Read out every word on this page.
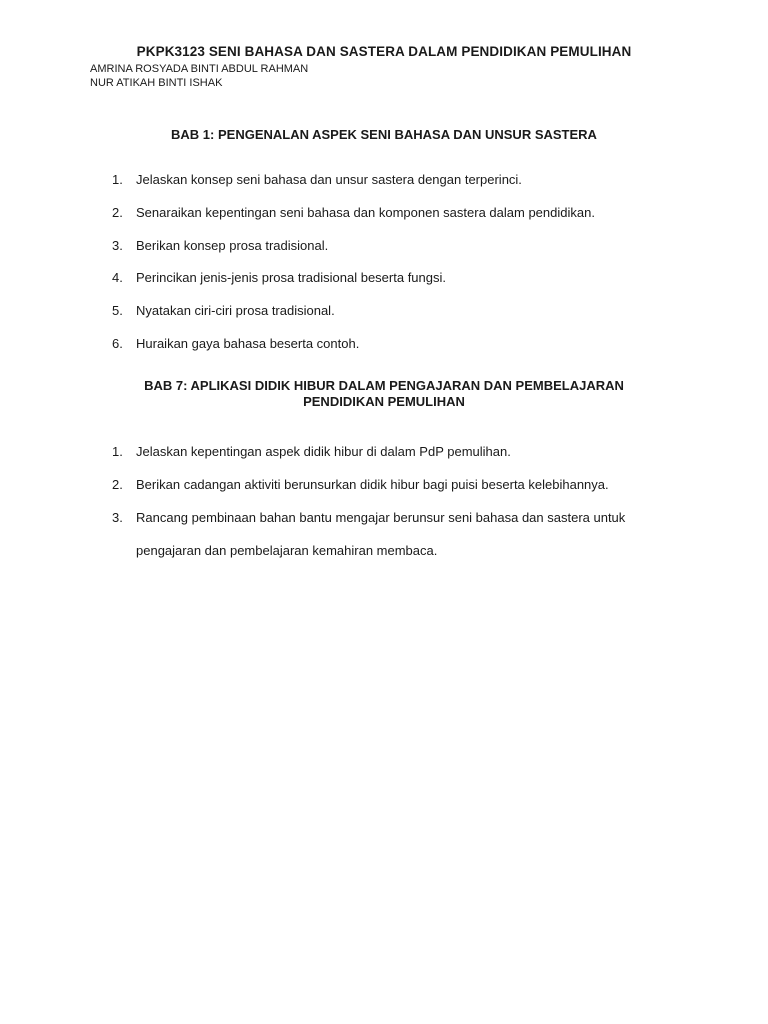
PKPK3123 SENI BAHASA DAN SASTERA DALAM PENDIDIKAN PEMULIHAN
AMRINA ROSYADA BINTI ABDUL RAHMAN
NUR ATIKAH BINTI ISHAK
BAB 1: PENGENALAN ASPEK SENI BAHASA DAN UNSUR SASTERA
1. Jelaskan konsep seni bahasa dan unsur sastera dengan terperinci.
2. Senaraikan kepentingan seni bahasa dan komponen sastera dalam pendidikan.
3. Berikan konsep prosa tradisional.
4. Perincikan jenis-jenis prosa tradisional beserta fungsi.
5. Nyatakan ciri-ciri prosa tradisional.
6. Huraikan gaya bahasa beserta contoh.
BAB 7: APLIKASI DIDIK HIBUR DALAM PENGAJARAN DAN PEMBELAJARAN
PENDIDIKAN PEMULIHAN
1. Jelaskan kepentingan aspek didik hibur di dalam PdP pemulihan.
2. Berikan cadangan aktiviti berunsurkan didik hibur bagi puisi beserta kelebihannya.
3. Rancang pembinaan bahan bantu mengajar berunsur seni bahasa dan sastera untuk
pengajaran dan pembelajaran kemahiran membaca.
